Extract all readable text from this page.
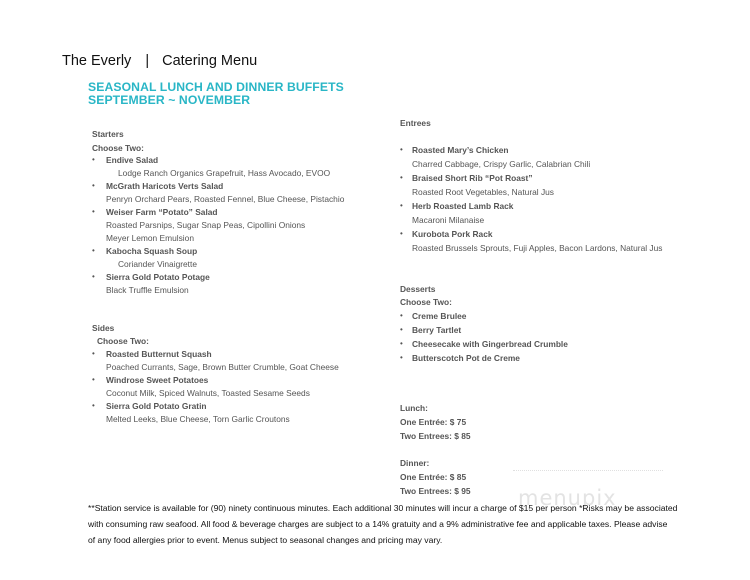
The Everly | Catering Menu
SEASONAL LUNCH AND DINNER BUFFETS
SEPTEMBER ~ NOVEMBER
Starters
Choose Two:
• Endive Salad
Lodge Ranch Organics Grapefruit, Hass Avocado, EVOO
• McGrath Haricots Verts Salad
Penryn Orchard Pears, Roasted Fennel, Blue Cheese, Pistachio
• Weiser Farm “Potato” Salad
Roasted Parsnips, Sugar Snap Peas, Cipollini Onions
Meyer Lemon Emulsion
• Kabocha Squash Soup
Coriander Vinaigrette
• Sierra Gold Potato Potage
Black Truffle Emulsion
Sides
Choose Two:
• Roasted Butternut Squash
Poached Currants, Sage, Brown Butter Crumble, Goat Cheese
• Windrose Sweet Potatoes
Coconut Milk, Spiced Walnuts, Toasted Sesame Seeds
• Sierra Gold Potato Gratin
Melted Leeks, Blue Cheese, Torn Garlic Croutons
Entrees
• Roasted Mary’s Chicken
Charred Cabbage, Crispy Garlic, Calabrian Chili
• Braised Short Rib “Pot Roast”
Roasted Root Vegetables, Natural Jus
• Herb Roasted Lamb Rack
Macaroni Milanaise
• Kurobota Pork Rack
Roasted Brussels Sprouts, Fuji Apples, Bacon Lardons, Natural Jus
Desserts
Choose Two:
• Creme Brulee
• Berry Tartlet
• Cheesecake with Gingerbread Crumble
• Butterscotch Pot de Creme
Lunch:
One Entrée: $ 75
Two Entrees: $ 85
Dinner:
One Entrée: $ 85
Two Entrees: $ 95 menupix
**Station service is available for (90) ninety continuous minutes. Each additional 30 minutes will incur a charge of $15 per person *Risks may be associated
with consuming raw seafood. All food & beverage charges are subject to a 14% gratuity and a 9% administrative fee and applicable taxes. Please advise
of any food allergies prior to event. Menus subject to seasonal changes and pricing may vary.
